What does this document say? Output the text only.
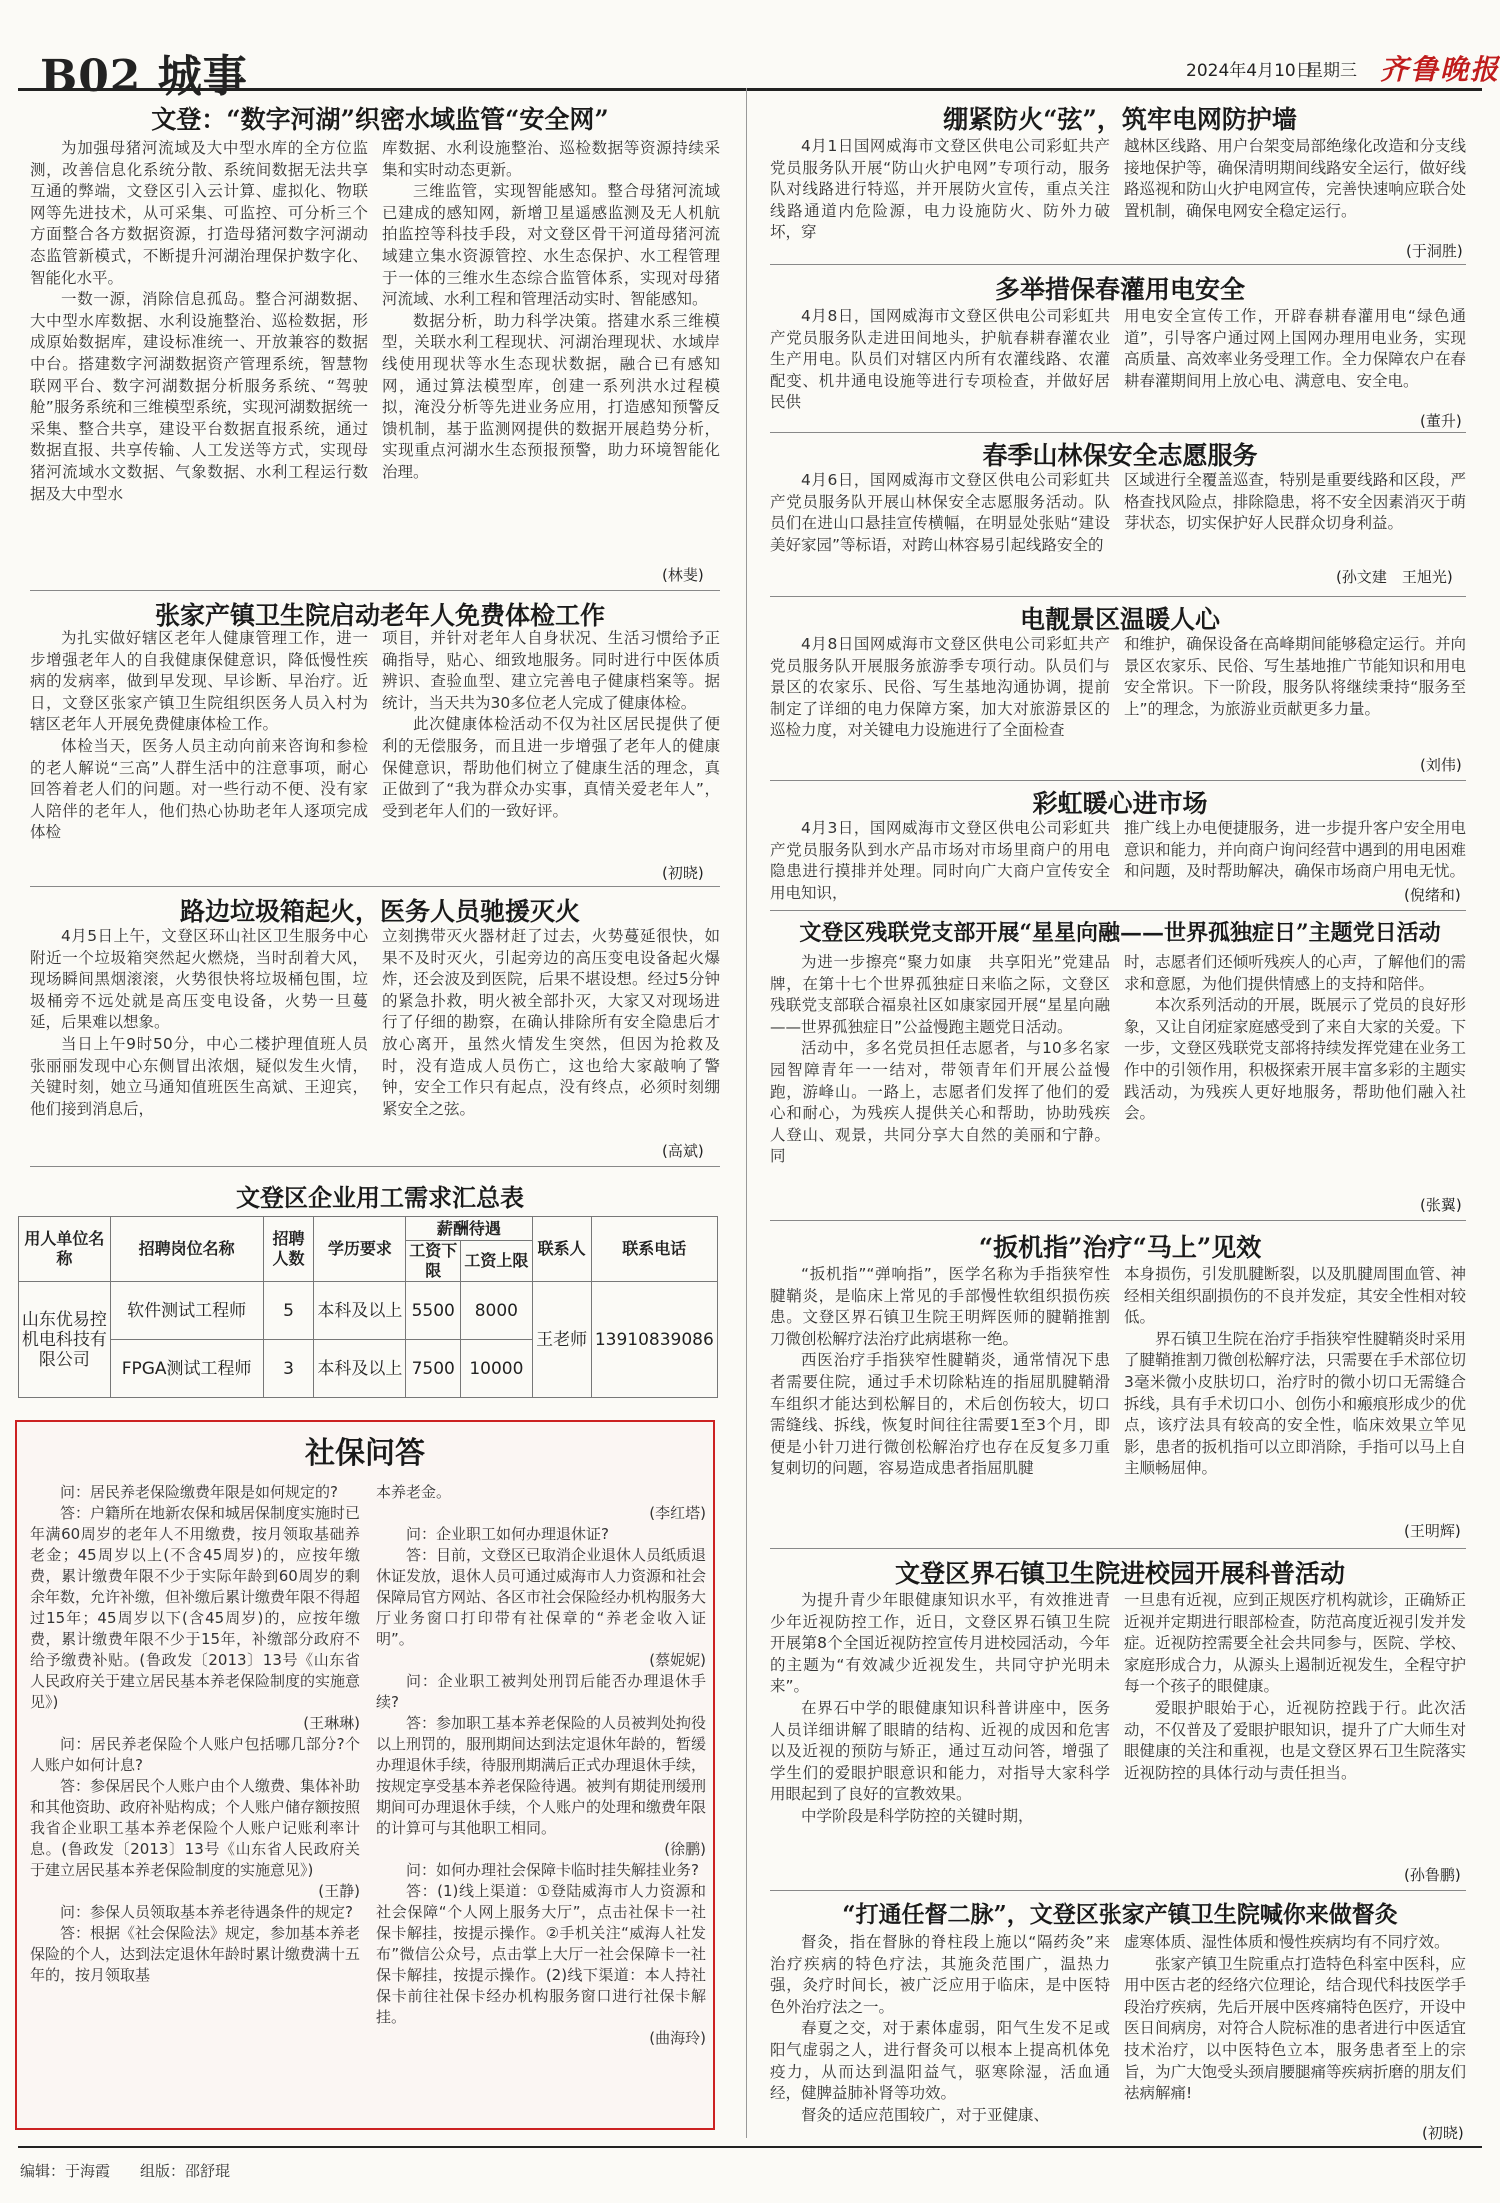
B02 城事	2024年4月10日
星期三 齐鲁晚报
文登：“数字河湖”织密水域监管“安全网”

为加强母猪河流域及大中型水库的全方位监测，改善信息化系统分散、系统间数据无法共享互通的弊端，文登区引入云计算、虚拟化、物联网等先进技术，从可采集、可监控、可分析三个方面整合各方数据资源，打造母猪河数字河湖动态监管新模式，不断提升河湖治理保护数字化、智能化水平。

一数一源，消除信息孤岛。整合河湖数据、大中型水库数据、水利设施整治、巡检数据，形成原始数据库，建设标准统一、开放兼容的数据中台。搭建数字河湖数据资产管理系统，智慧物联网平台、数字河湖数据分析服务系统、“驾驶舱”服务系统和三维模型系统，实现河湖数据统一采集、整合共享，建设平台数据直报系统，通过数据直报、共享传输、人工发送等方式，实现母猪河流域水文数据、气象数据、水利工程运行数据及大中型水

库数据、水利设施整治、巡检数据等资源持续采集和实时动态更新。

三维监管，实现智能感知。整合母猪河流域已建成的感知网，新增卫星遥感监测及无人机航拍监控等科技手段，对文登区骨干河道母猪河流域建立集水资源管控、水生态保护、水工程管理于一体的三维水生态综合监管体系，实现对母猪河流域、水利工程和管理活动实时、智能感知。

数据分析，助力科学决策。搭建水系三维模型，关联水利工程现状、河湖治理现状、水域岸线使用现状等水生态现状数据，融合已有感知网，通过算法模型库，创建一系列洪水过程模拟，淹没分析等先进业务应用，打造感知预警反馈机制，基于监测网提供的数据开展趋势分析，实现重点河湖水生态预报预警，助力环境智能化治理。

(林斐)
张家产镇卫生院启动老年人免费体检工作

为扎实做好辖区老年人健康管理工作，进一步增强老年人的自我健康保健意识，降低慢性疾病的发病率，做到早发现、早诊断、早治疗。近日，文登区张家产镇卫生院组织医务人员入村为辖区老年人开展免费健康体检工作。

体检当天，医务人员主动向前来咨询和参检的老人解说“三高”人群生活中的注意事项，耐心回答着老人们的问题。对一些行动不便、没有家人陪伴的老年人，他们热心协助老年人逐项完成体检

项目，并针对老年人自身状况、生活习惯给予正确指导，贴心、细致地服务。同时进行中医体质辨识、查验血型、建立完善电子健康档案等。据统计，当天共为30多位老人完成了健康体检。

此次健康体检活动不仅为社区居民提供了便利的无偿服务，而且进一步增强了老年人的健康保健意识，帮助他们树立了健康生活的理念，真正做到了“我为群众办实事，真情关爱老年人”，受到老年人们的一致好评。

(初晓)
路边垃圾箱起火，医务人员驰援灭火

4月5日上午，文登区环山社区卫生服务中心附近一个垃圾箱突然起火燃烧，当时刮着大风，现场瞬间黑烟滚滚，火势很快将垃圾桶包围，垃圾桶旁不远处就是高压变电设备，火势一旦蔓延，后果难以想象。

当日上午9时50分，中心二楼护理值班人员张丽丽发现中心东侧冒出浓烟，疑似发生火情，关键时刻，她立马通知值班医生高斌、王迎宾，他们接到消息后，

立刻携带灭火器材赶了过去，火势蔓延很快，如果不及时灭火，引起旁边的高压变电设备起火爆炸，还会波及到医院，后果不堪设想。经过5分钟的紧急扑救，明火被全部扑灭，大家又对现场进行了仔细的勘察，在确认排除所有安全隐患后才放心离开，虽然火情发生突然，但因为抢救及时，没有造成人员伤亡，这也给大家敲响了警钟，安全工作只有起点，没有终点，必须时刻绷紧安全之弦。

(高斌)
文登区企业用工需求汇总表
用人单位名称	招聘岗位名称	招聘人数	学历要求	薪酬待遇		联系人	联系电话
				工资下限	工资上限		
山东优易控机电科技有限公司	软件测试工程师	5	本科及以上	5500	8000	王老师	13910839086
	FPGA测试工程师	3	本科及以上	7500	10000		
社保问答

问：居民养老保险缴费年限是如何规定的?

答：户籍所在地新农保和城居保制度实施时已年满60周岁的老年人不用缴费，按月领取基础养老金；45周岁以上(不含45周岁)的，应按年缴费，累计缴费年限不少于实际年龄到60周岁的剩余年数，允许补缴，但补缴后累计缴费年限不得超过15年；45周岁以下(含45周岁)的，应按年缴费，累计缴费年限不少于15年，补缴部分政府不给予缴费补贴。(鲁政发〔2013〕13号《山东省人民政府关于建立居民基本养老保险制度的实施意见》)

(王琳琳)

问：居民养老保险个人账户包括哪几部分?个人账户如何计息?

答：参保居民个人账户由个人缴费、集体补助和其他资助、政府补贴构成；个人账户储存额按照我省企业职工基本养老保险个人账户记账利率计息。(鲁政发〔2013〕13号《山东省人民政府关于建立居民基本养老保险制度的实施意见》)

(王静)

问：参保人员领取基本养老待遇条件的规定?

答：根据《社会保险法》规定，参加基本养老保险的个人，达到法定退休年龄时累计缴费满十五年的，按月领取基

本养老金。

(李红塔)

问：企业职工如何办理退休证?

答：目前，文登区已取消企业退休人员纸质退休证发放，退休人员可通过威海市人力资源和社会保障局官方网站、各区市社会保险经办机构服务大厅业务窗口打印带有社保章的“养老金收入证明”。

(蔡妮妮)

问：企业职工被判处刑罚后能否办理退休手续?

答：参加职工基本养老保险的人员被判处拘役以上刑罚的，服刑期间达到法定退休年龄的，暂缓办理退休手续，待服刑期满后正式办理退休手续，按规定享受基本养老保险待遇。被判有期徒刑缓刑期间可办理退休手续，个人账户的处理和缴费年限的计算可与其他职工相同。

(徐鹏)

问：如何办理社会保障卡临时挂失解挂业务?

答：(1)线上渠道：①登陆威海市人力资源和社会保障“个人网上服务大厅”，点击社保卡一社保卡解挂，按提示操作。②手机关注“威海人社发布”微信公众号，点击掌上大厅一社会保障卡一社保卡解挂，按提示操作。(2)线下渠道：本人持社保卡前往社保卡经办机构服务窗口进行社保卡解挂。

(曲海玲)

绷紧防火“弦”，筑牢电网防护墙

4月1日国网威海市文登区供电公司彩虹共产党员服务队开展“防山火护电网”专项行动，服务队对线路进行特巡，并开展防火宣传，重点关注线路通道内危险源，电力设施防火、防外力破坏，穿

越林区线路、用户台架变局部绝缘化改造和分支线接地保护等，确保清明期间线路安全运行，做好线路巡视和防山火护电网宣传，完善快速响应联合处置机制，确保电网安全稳定运行。

(于洞胜)
多举措保春灌用电安全

4月8日，国网威海市文登区供电公司彩虹共产党员服务队走进田间地头，护航春耕春灌农业生产用电。队员们对辖区内所有农灌线路、农灌配变、机井通电设施等进行专项检查，并做好居民供

用电安全宣传工作，开辟春耕春灌用电“绿色通道”，引导客户通过网上国网办理用电业务，实现高质量、高效率业务受理工作。全力保障农户在春耕春灌期间用上放心电、满意电、安全电。

(董升)
春季山林保安全志愿服务

4月6日，国网威海市文登区供电公司彩虹共产党员服务队开展山林保安全志愿服务活动。队员们在进山口悬挂宣传横幅，在明显处张贴“建设美好家园”等标语，对跨山林容易引起线路安全的

区域进行全覆盖巡查，特别是重要线路和区段，严格查找风险点，排除隐患，将不安全因素消灭于萌芽状态，切实保护好人民群众切身利益。

(孙文建　王旭光)
电靓景区温暖人心

4月8日国网威海市文登区供电公司彩虹共产党员服务队开展服务旅游季专项行动。队员们与景区的农家乐、民俗、写生基地沟通协调，提前制定了详细的电力保障方案，加大对旅游景区的巡检力度，对关键电力设施进行了全面检查

和维护，确保设备在高峰期间能够稳定运行。并向景区农家乐、民俗、写生基地推广节能知识和用电安全常识。下一阶段，服务队将继续秉持“服务至上”的理念，为旅游业贡献更多力量。

(刘伟)
彩虹暖心进市场

4月3日，国网威海市文登区供电公司彩虹共产党员服务队到水产品市场对市场里商户的用电隐患进行摸排并处理。同时向广大商户宣传安全用电知识，

推广线上办电便捷服务，进一步提升客户安全用电意识和能力，并向商户询问经营中遇到的用电困难和问题，及时帮助解决，确保市场商户用电无忧。

(倪绪和)
文登区残联党支部开展“星星向融——世界孤独症日”主题党日活动

为进一步擦亮“聚力如康　共享阳光”党建品牌，在第十七个世界孤独症日来临之际，文登区残联党支部联合福泉社区如康家园开展“星星向融——世界孤独症日”公益慢跑主题党日活动。

活动中，多名党员担任志愿者，与10多名家园智障青年一一结对，带领青年们开展公益慢跑，游峰山。一路上，志愿者们发挥了他们的爱心和耐心，为残疾人提供关心和帮助，协助残疾人登山、观景，共同分享大自然的美丽和宁静。同

时，志愿者们还倾听残疾人的心声，了解他们的需求和意愿，为他们提供情感上的支持和陪伴。

本次系列活动的开展，既展示了党员的良好形象，又让自闭症家庭感受到了来自大家的关爱。下一步，文登区残联党支部将持续发挥党建在业务工作中的引领作用，积极探索开展丰富多彩的主题实践活动，为残疾人更好地服务，帮助他们融入社会。

(张翼)
“扳机指”治疗“马上”见效

“扳机指”“弹响指”，医学名称为手指狭窄性腱鞘炎，是临床上常见的手部慢性软组织损伤疾患。文登区界石镇卫生院王明辉医师的腱鞘推割刀微创松解疗法治疗此病堪称一绝。

西医治疗手指狭窄性腱鞘炎，通常情况下患者需要住院，通过手术切除粘连的指屈肌腱鞘滑车组织才能达到松解目的，术后创伤较大，切口需缝线、拆线，恢复时间往往需要1至3个月，即便是小针刀进行微创松解治疗也存在反复多刀重复刺切的问题，容易造成患者指屈肌腱

本身损伤，引发肌腱断裂，以及肌腱周围血管、神经相关组织副损伤的不良并发症，其安全性相对较低。

界石镇卫生院在治疗手指狭窄性腱鞘炎时采用了腱鞘推割刀微创松解疗法，只需要在手术部位切3毫米微小皮肤切口，治疗时的微小切口无需缝合拆线，具有手术切口小、创伤小和瘢痕形成少的优点，该疗法具有较高的安全性，临床效果立竿见影，患者的扳机指可以立即消除，手指可以马上自主顺畅屈伸。

(王明辉)
文登区界石镇卫生院进校园开展科普活动

为提升青少年眼健康知识水平，有效推进青少年近视防控工作，近日，文登区界石镇卫生院开展第8个全国近视防控宣传月进校园活动，今年的主题为“有效减少近视发生，共同守护光明未来”。

在界石中学的眼健康知识科普讲座中，医务人员详细讲解了眼睛的结构、近视的成因和危害以及近视的预防与矫正，通过互动问答，增强了学生们的爱眼护眼意识和能力，对指导大家科学用眼起到了良好的宣教效果。

中学阶段是科学防控的关键时期，

一旦患有近视，应到正规医疗机构就诊，正确矫正近视并定期进行眼部检查，防范高度近视引发并发症。近视防控需要全社会共同参与，医院、学校、家庭形成合力，从源头上遏制近视发生，全程守护每一个孩子的眼健康。

爱眼护眼始于心，近视防控践于行。此次活动，不仅普及了爱眼护眼知识，提升了广大师生对眼健康的关注和重视，也是文登区界石卫生院落实近视防控的具体行动与责任担当。

(孙鲁鹏)
“打通任督二脉”，文登区张家产镇卫生院喊你来做督灸

督灸，指在督脉的脊柱段上施以“隔药灸”来治疗疾病的特色疗法，其施灸范围广，温热力强，灸疗时间长，被广泛应用于临床，是中医特色外治疗法之一。

春夏之交，对于素体虚弱，阳气生发不足或阳气虚弱之人，进行督灸可以根本上提高机体免疫力，从而达到温阳益气，驱寒除湿，活血通经，健脾益肺补肾等功效。

督灸的适应范围较广，对于亚健康、

虚寒体质、湿性体质和慢性疾病均有不同疗效。

张家产镇卫生院重点打造特色科室中医科，应用中医古老的经络穴位理论，结合现代科技医学手段治疗疾病，先后开展中医疼痛特色医疗，开设中医日间病房，对符合人院标准的患者进行中医适宜技术治疗，以中医特色立本，服务患者至上的宗旨，为广大饱受头颈肩腰腿痛等疾病折磨的朋友们祛病解痛!

(初晓)
编辑：于海霞 组版：邵舒琨
